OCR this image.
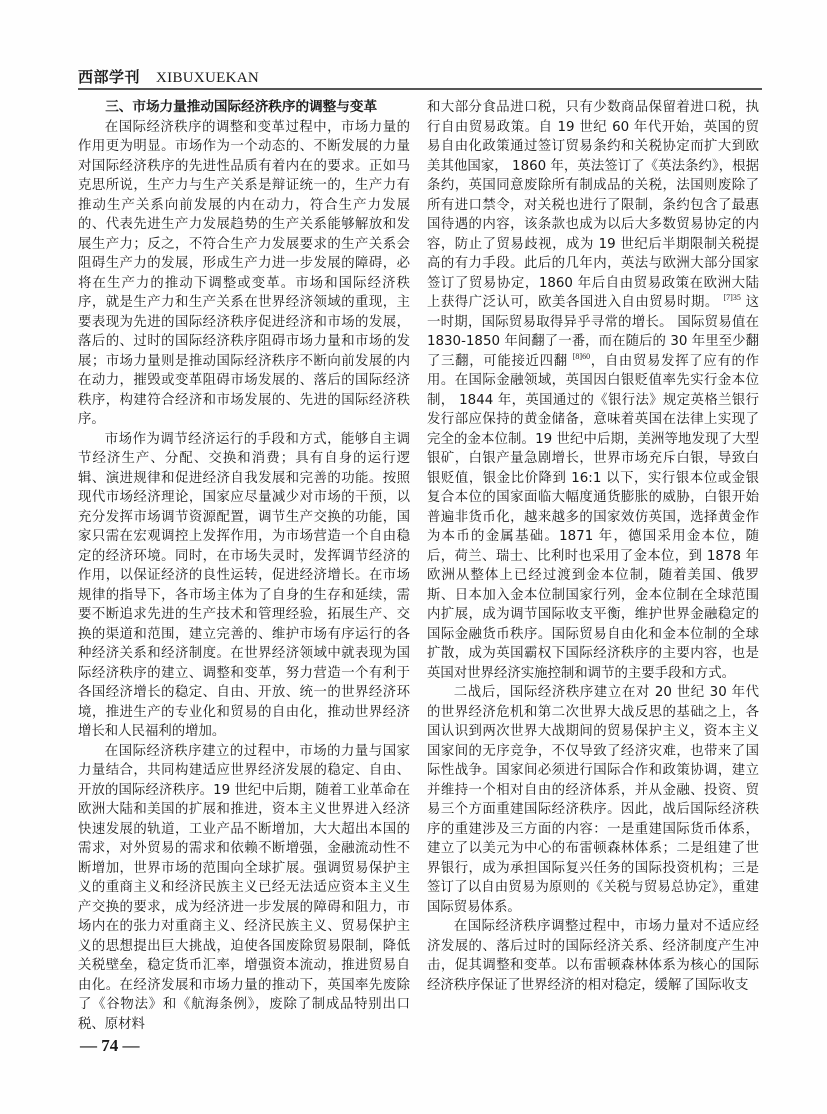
西部学刊 XIBUXUEKAN
三、市场力量推动国际经济秩序的调整与变革

在国际经济秩序的调整和变革过程中，市场力量的作用更为明显。市场作为一个动态的、不断发展的力量对国际经济秩序的先进性品质有着内在的要求。正如马克思所说，生产力与生产关系是辩证统一的，生产力有推动生产关系向前发展的内在动力，符合生产力发展的、代表先进生产力发展趋势的生产关系能够解放和发展生产力；反之，不符合生产力发展要求的生产关系会阻碍生产力的发展，形成生产力进一步发展的障碍，必将在生产力的推动下调整或变革。市场和国际经济秩序，就是生产力和生产关系在世界经济领域的重现，主要表现为先进的国际经济秩序促进经济和市场的发展，落后的、过时的国际经济秩序阻碍市场力量和市场的发展；市场力量则是推动国际经济秩序不断向前发展的内在动力，摧毁或变革阻碍市场发展的、落后的国际经济秩序，构建符合经济和市场发展的、先进的国际经济秩序。

市场作为调节经济运行的手段和方式，能够自主调节经济生产、分配、交换和消费；具有自身的运行逻辑、演进规律和促进经济自我发展和完善的功能。按照现代市场经济理论，国家应尽量减少对市场的干预，以充分发挥市场调节资源配置，调节生产交换的功能，国家只需在宏观调控上发挥作用，为市场营造一个自由稳定的经济环境。同时，在市场失灵时，发挥调节经济的作用，以保证经济的良性运转，促进经济增长。在市场规律的指导下，各市场主体为了自身的生存和延续，需要不断追求先进的生产技术和管理经验，拓展生产、交换的渠道和范围，建立完善的、维护市场有序运行的各种经济关系和经济制度。在世界经济领域中就表现为国际经济秩序的建立、调整和变革，努力营造一个有利于各国经济增长的稳定、自由、开放、统一的世界经济环境，推进生产的专业化和贸易的自由化，推动世界经济增长和人民福利的增加。

在国际经济秩序建立的过程中，市场的力量与国家力量结合，共同构建适应世界经济发展的稳定、自由、开放的国际经济秩序。19 世纪中后期，随着工业革命在欧洲大陆和美国的扩展和推进，资本主义世界进入经济快速发展的轨道，工业产品不断增加，大大超出本国的需求，对外贸易的需求和依赖不断增强，金融流动性不断增加，世界市场的范围向全球扩展。强调贸易保护主义的重商主义和经济民族主义已经无法适应资本主义生产交换的要求，成为经济进一步发展的障碍和阻力，市场内在的张力对重商主义、经济民族主义、贸易保护主义的思想提出巨大挑战，迫使各国废除贸易限制，降低关税壁垒，稳定货币汇率，增强资本流动，推进贸易自由化。在经济发展和市场力量的推动下，英国率先废除了《谷物法》和《航海条例》，废除了制成品特别出口税、原材料

和大部分食品进口税，只有少数商品保留着进口税，执行自由贸易政策。自 19 世纪 60 年代开始，英国的贸易自由化政策通过签订贸易条约和关税协定而扩大到欧美其他国家， 1860 年，英法签订了《英法条约》，根据条约，英国同意废除所有制成品的关税，法国则废除了所有进口禁令，对关税也进行了限制，条约包含了最惠国待遇的内容，该条款也成为以后大多数贸易协定的内容，防止了贸易歧视，成为 19 世纪后半期限制关税提高的有力手段。此后的几年内，英法与欧洲大部分国家签订了贸易协定，1860 年后自由贸易政策在欧洲大陆上获得广泛认可，欧美各国进入自由贸易时期。 $^{[7]35}$ 这一时期，国际贸易取得异乎寻常的增长。 国际贸易值在 1830-1850 年间翻了一番，而在随后的 30 年里至少翻了三翻，可能接近四翻 $^{[8]60}$，自由贸易发挥了应有的作用。在国际金融领域，英国因白银贬值率先实行金本位制， 1844 年，英国通过的《银行法》规定英格兰银行发行部应保持的黄金储备，意味着英国在法律上实现了完全的金本位制。19 世纪中后期，美洲等地发现了大型银矿，白银产量急剧增长，世界市场充斥白银，导致白银贬值，银金比价降到 16:1 以下，实行银本位或金银复合本位的国家面临大幅度通货膨胀的威胁，白银开始普遍非货币化，越来越多的国家效仿英国，选择黄金作为本币的金属基础。1871 年，德国采用金本位，随后，荷兰、瑞士、比利时也采用了金本位，到 1878 年欧洲从整体上已经过渡到金本位制，随着美国、俄罗斯、日本加入金本位制国家行列，金本位制在全球范围内扩展，成为调节国际收支平衡，维护世界金融稳定的国际金融货币秩序。国际贸易自由化和金本位制的全球扩散，成为英国霸权下国际经济秩序的主要内容，也是英国对世界经济实施控制和调节的主要手段和方式。

二战后，国际经济秩序建立在对 20 世纪 30 年代的世界经济危机和第二次世界大战反思的基础之上，各国认识到两次世界大战期间的贸易保护主义，资本主义国家间的无序竞争，不仅导致了经济灾难，也带来了国际性战争。国家间必须进行国际合作和政策协调，建立并维持一个相对自由的经济体系，并从金融、投资、贸易三个方面重建国际经济秩序。因此，战后国际经济秩序的重建涉及三方面的内容：一是重建国际货币体系，建立了以美元为中心的布雷顿森林体系；二是组建了世界银行，成为承担国际复兴任务的国际投资机构；三是签订了以自由贸易为原则的《关税与贸易总协定》，重建国际贸易体系。

在国际经济秩序调整过程中，市场力量对不适应经济发展的、落后过时的国际经济关系、经济制度产生冲击，促其调整和变革。以布雷顿森林体系为核心的国际经济秩序保证了世界经济的相对稳定，缓解了国际收支

— 74 —
